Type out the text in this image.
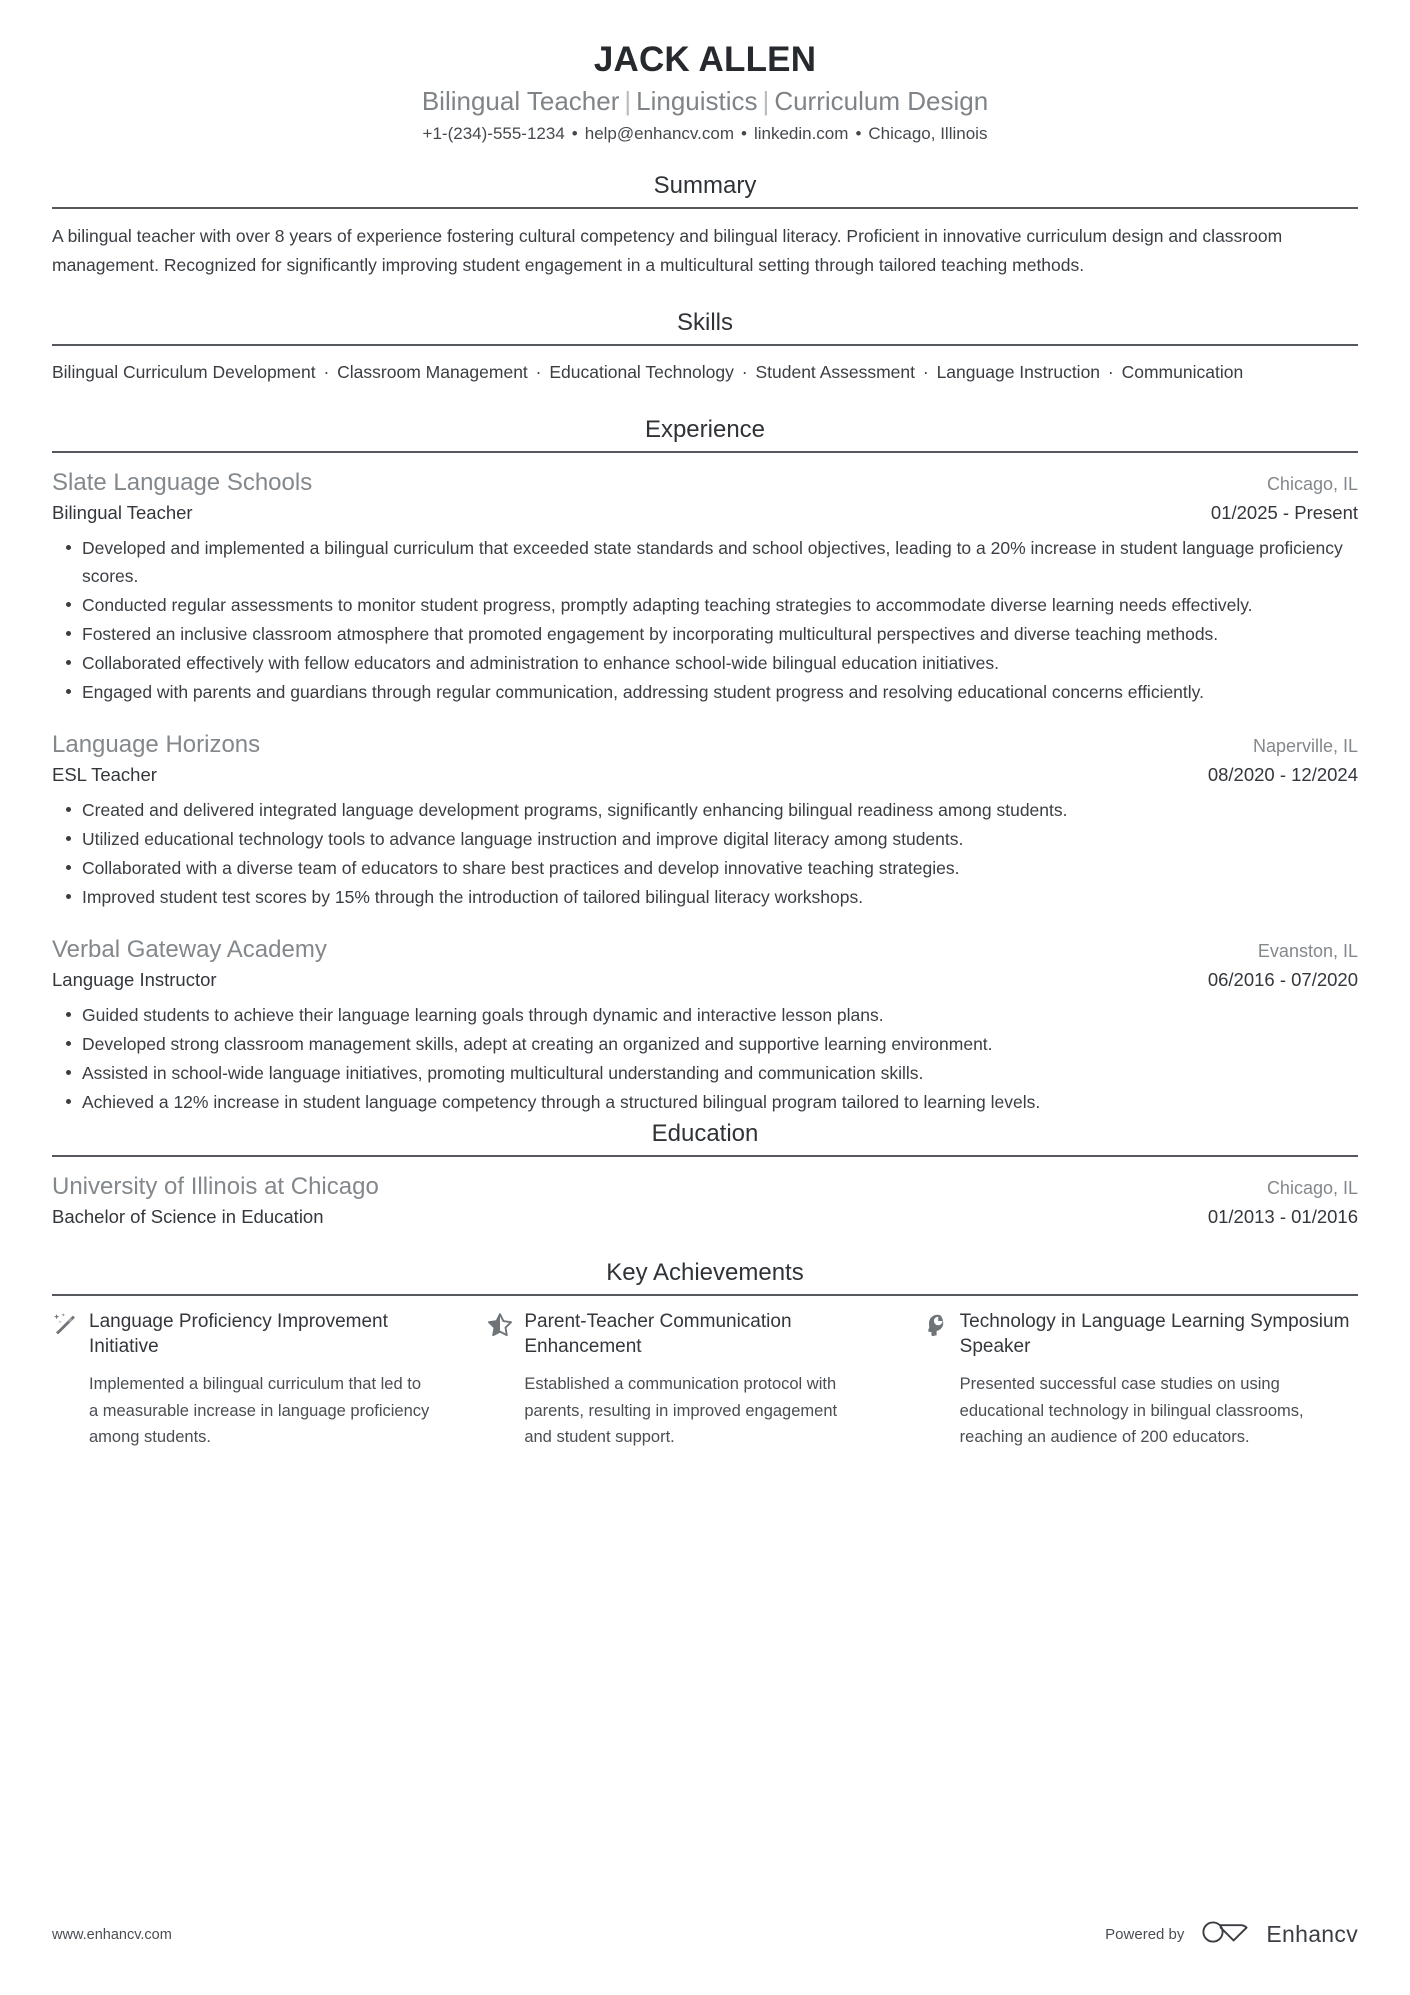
JACK ALLEN
Bilingual Teacher | Linguistics | Curriculum Design
+1-(234)-555-1234 • help@enhancv.com • linkedin.com • Chicago, Illinois
Summary
A bilingual teacher with over 8 years of experience fostering cultural competency and bilingual literacy. Proficient in innovative curriculum design and classroom management. Recognized for significantly improving student engagement in a multicultural setting through tailored teaching methods.
Skills
Bilingual Curriculum Development · Classroom Management · Educational Technology · Student Assessment · Language Instruction · Communication
Experience
Slate Language Schools	Chicago, IL
Bilingual Teacher	01/2025 - Present
Developed and implemented a bilingual curriculum that exceeded state standards and school objectives, leading to a 20% increase in student language proficiency scores.
Conducted regular assessments to monitor student progress, promptly adapting teaching strategies to accommodate diverse learning needs effectively.
Fostered an inclusive classroom atmosphere that promoted engagement by incorporating multicultural perspectives and diverse teaching methods.
Collaborated effectively with fellow educators and administration to enhance school-wide bilingual education initiatives.
Engaged with parents and guardians through regular communication, addressing student progress and resolving educational concerns efficiently.
Language Horizons	Naperville, IL
ESL Teacher	08/2020 - 12/2024
Created and delivered integrated language development programs, significantly enhancing bilingual readiness among students.
Utilized educational technology tools to advance language instruction and improve digital literacy among students.
Collaborated with a diverse team of educators to share best practices and develop innovative teaching strategies.
Improved student test scores by 15% through the introduction of tailored bilingual literacy workshops.
Verbal Gateway Academy	Evanston, IL
Language Instructor	06/2016 - 07/2020
Guided students to achieve their language learning goals through dynamic and interactive lesson plans.
Developed strong classroom management skills, adept at creating an organized and supportive learning environment.
Assisted in school-wide language initiatives, promoting multicultural understanding and communication skills.
Achieved a 12% increase in student language competency through a structured bilingual program tailored to learning levels.
Education
University of Illinois at Chicago	Chicago, IL
Bachelor of Science in Education	01/2013 - 01/2016
Key Achievements
Language Proficiency Improvement Initiative
Implemented a bilingual curriculum that led to a measurable increase in language proficiency among students.
Parent-Teacher Communication Enhancement
Established a communication protocol with parents, resulting in improved engagement and student support.
Technology in Language Learning Symposium Speaker
Presented successful case studies on using educational technology in bilingual classrooms, reaching an audience of 200 educators.
www.enhancv.com	Powered by	Enhancv
